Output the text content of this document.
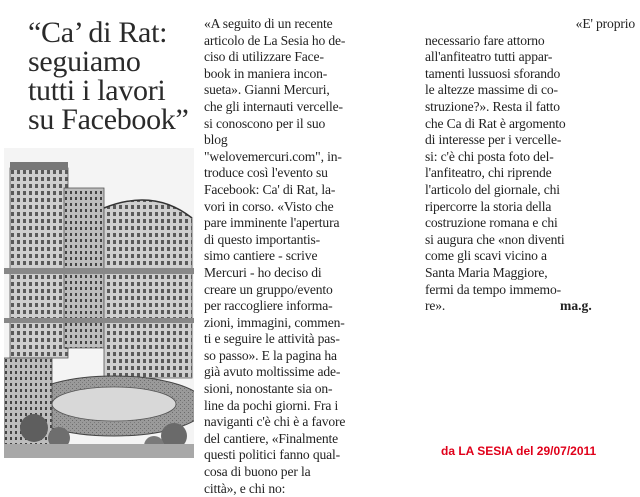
“Ca’ di Rat:
seguiamo
tutti i lavori
su Facebook”
«A seguito di un recente
articolo de La Sesia ho de-
ciso di utilizzare Face-
book in maniera incon-
sueta». Gianni Mercuri,
che gli internauti vercelle-
si conoscono per il suo
blog
"welovemercuri.com", in-
troduce così l'evento su
Facebook: Ca' di Rat, la-
vori in corso. «Visto che
pare imminente l'apertura
di questo importantis-
simo cantiere - scrive
Mercuri - ho deciso di
creare un gruppo/evento
per raccogliere informa-
zioni, immagini, commen-
ti e seguire le attività pas-
so passo». E la pagina ha
già avuto moltissime ade-
sioni, nonostante sia on-
line da pochi giorni. Fra i
naviganti c'è chi è a favore
del cantiere, «Finalmente
questi politici fanno qual-
cosa di buono per la
città», e chi no:
«E' proprio
necessario fare attorno
all'anfiteatro tutti appar-
tamenti lussuosi sforando
le altezze massime di co-
struzione?». Resta il fatto
che Ca di Rat è argomento
di interesse per i vercelle-
si: c'è chi posta foto del-
l'anfiteatro, chi riprende
l'articolo del giornale, chi
ripercorre la storia della
costruzione romana e chi
si augura che «non diventi
come gli scavi vicino a
Santa Maria Maggiore,
fermi da tempo immemo-
re».	ma.g.
da LA SESIA del 29/07/2011
